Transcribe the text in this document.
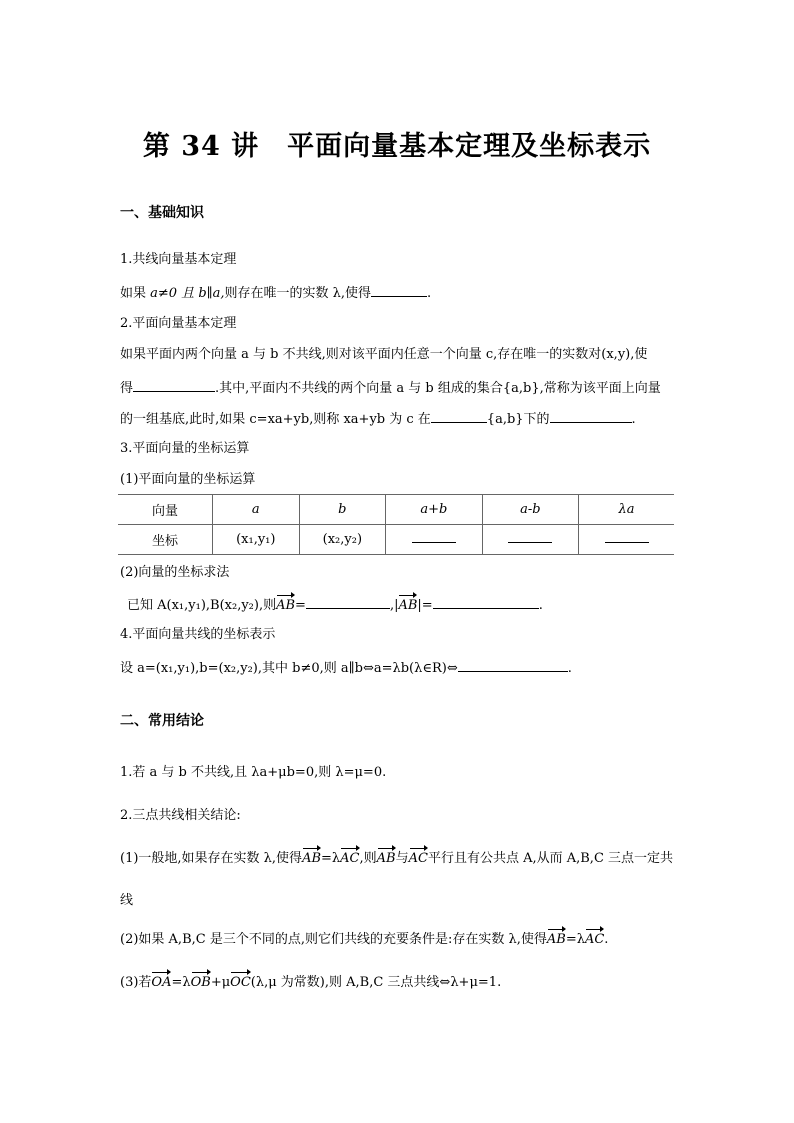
第 34 讲　平面向量基本定理及坐标表示
一、基础知识
1.共线向量基本定理
如果 a≠0 且 b∥a,则存在唯一的实数 λ,使得	.
2.平面向量基本定理
如果平面内两个向量 a 与 b 不共线,则对该平面内任意一个向量 c,存在唯一的实数对(x,y),使
得	.其中,平面内不共线的两个向量 a 与 b 组成的集合{a,b},常称为该平面上向量
的一组基底,此时,如果 c=xa+yb,则称 xa+yb 为 c 在	{a,b}下的	.
3.平面向量的坐标运算
(1)平面向量的坐标运算
向量	a	b	a+b	a-b	λa
坐标	(x₁,y₁)	(x₂,y₂)			
(2)向量的坐标求法
已知 A(x₁,y₁),B(x₂,y₂),则AB=	,|AB|=	.
4.平面向量共线的坐标表示
设 a=(x₁,y₁),b=(x₂,y₂),其中 b≠0,则 a∥b⇔a=λb(λ∈R)⇔	.
二、常用结论
1.若 a 与 b 不共线,且 λa+μb=0,则 λ=μ=0.
2.三点共线相关结论:
(1)一般地,如果存在实数 λ,使得AB=λAC,则AB与AC平行且有公共点 A,从而 A,B,C 三点一定共
线
(2)如果 A,B,C 是三个不同的点,则它们共线的充要条件是:存在实数 λ,使得AB=λAC.
(3)若OA=λOB+μOC(λ,μ 为常数),则 A,B,C 三点共线⇔λ+μ=1.
